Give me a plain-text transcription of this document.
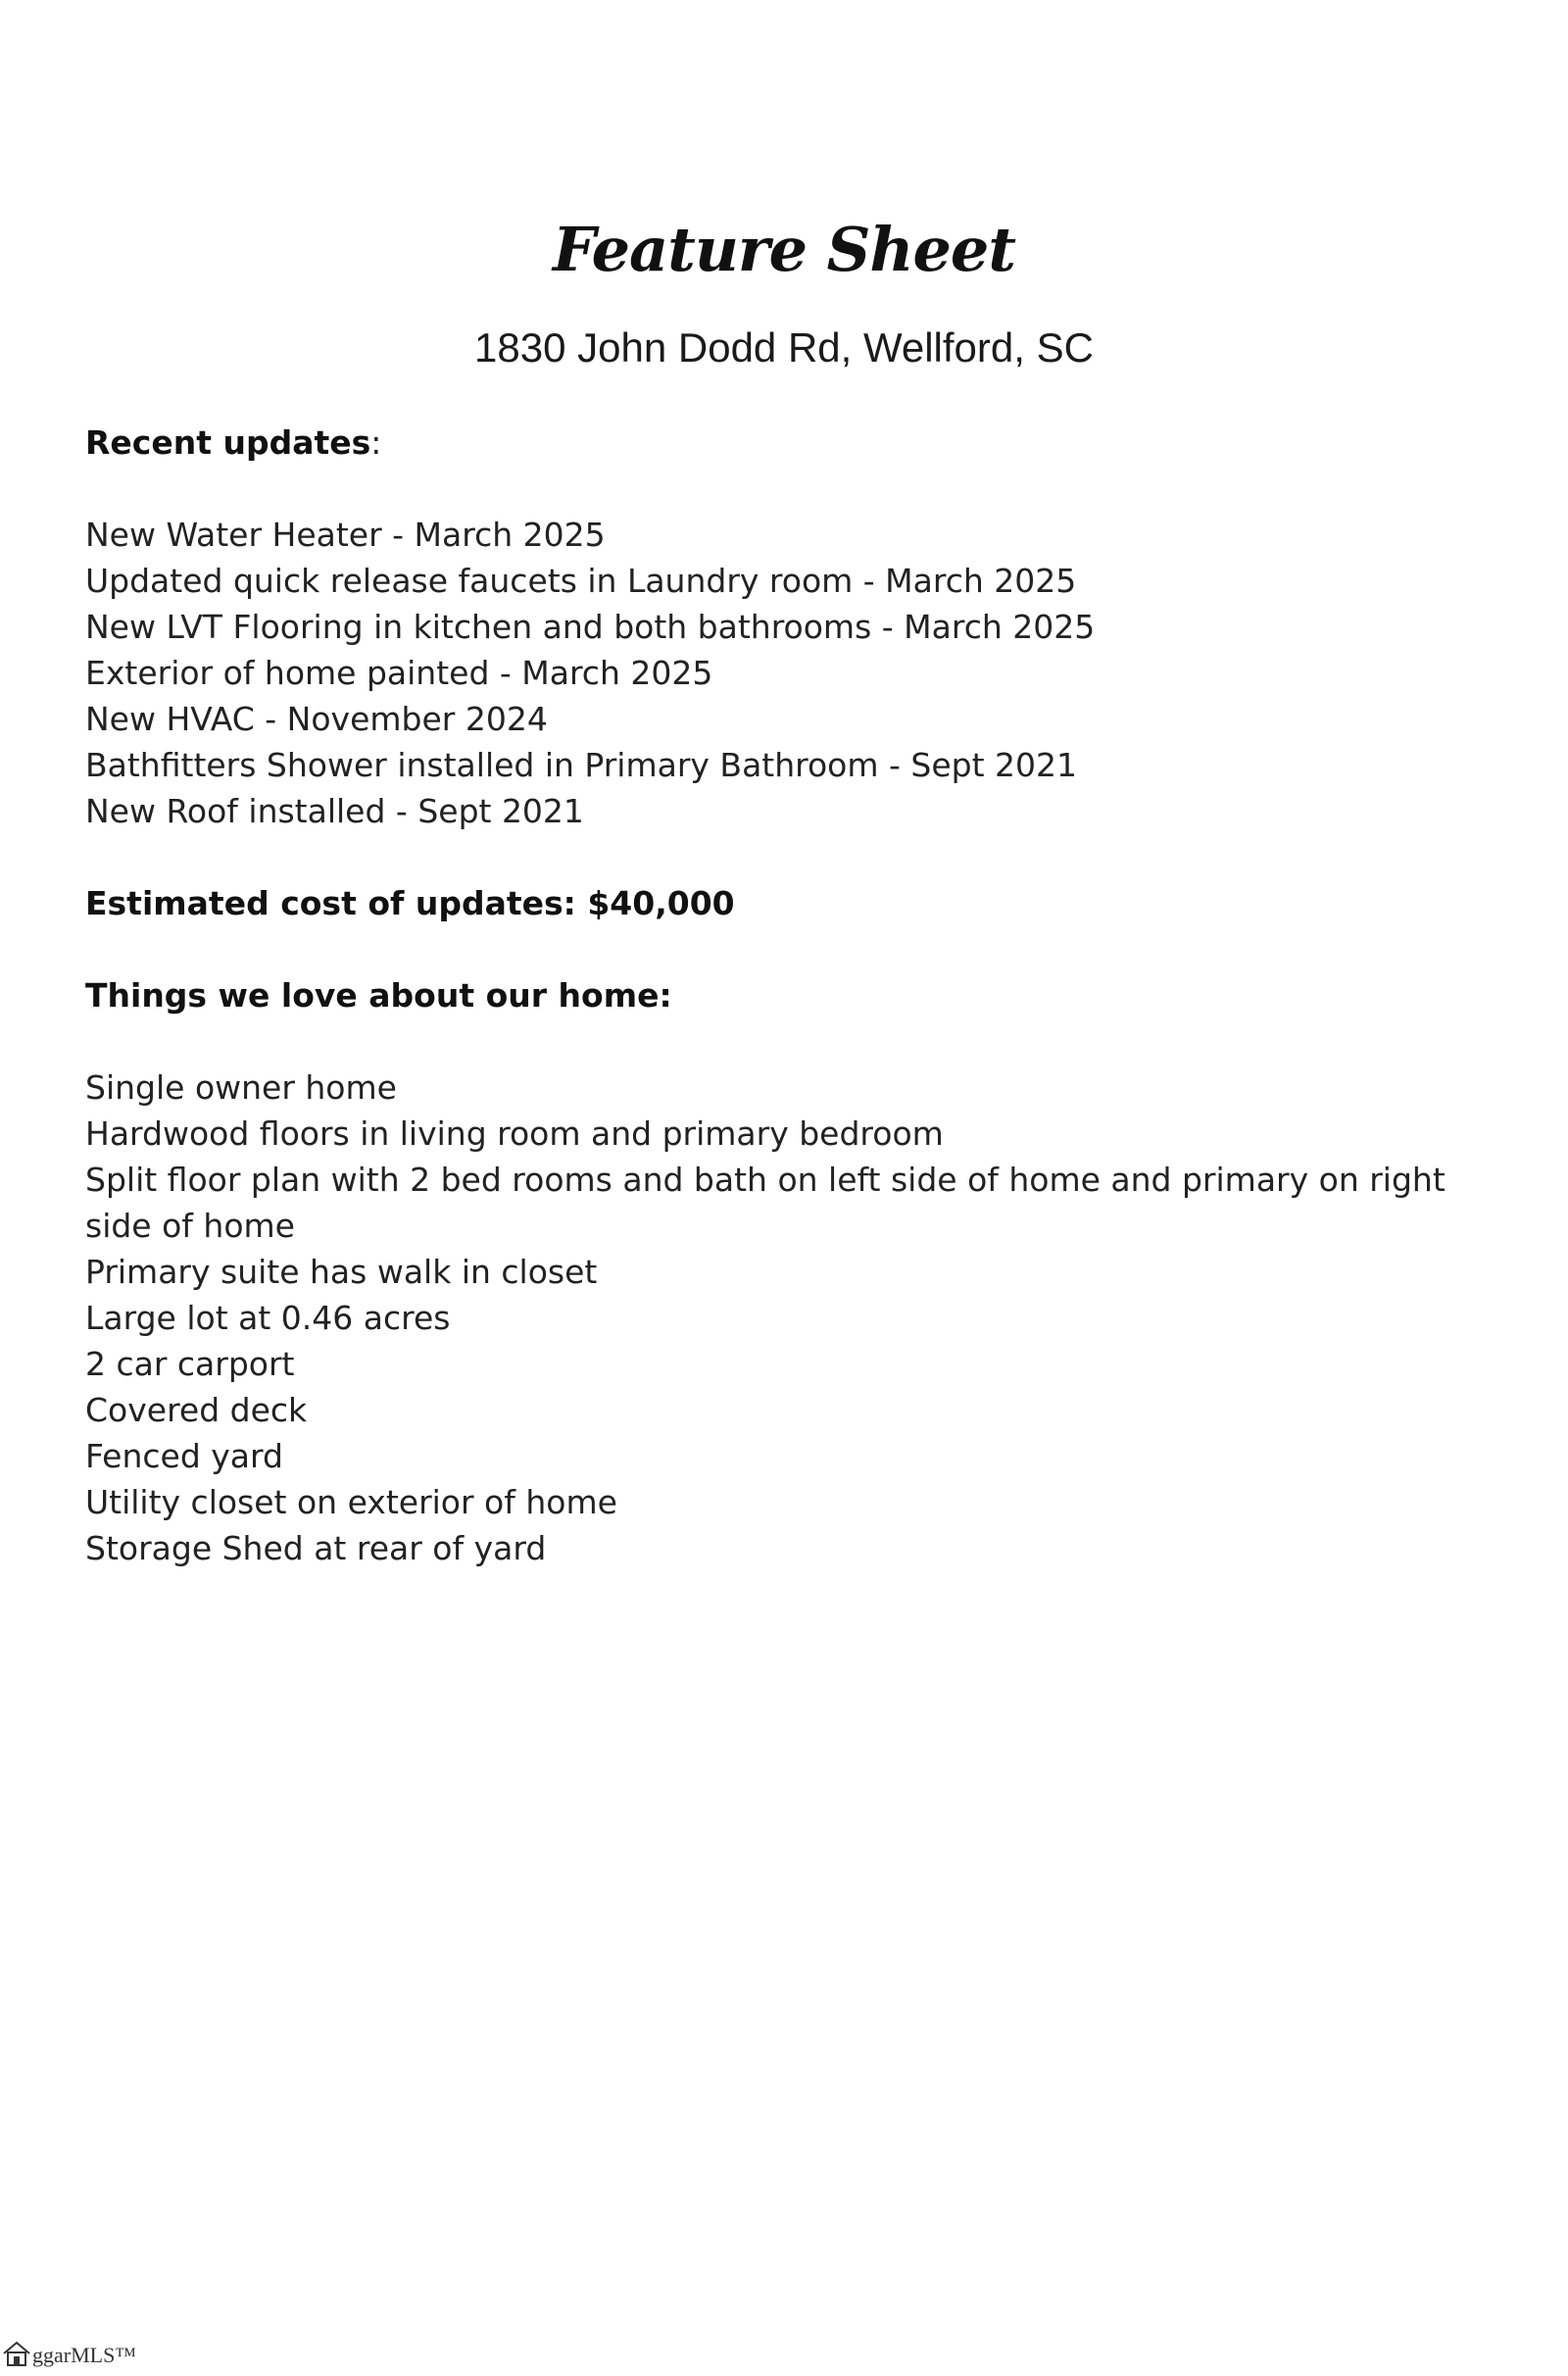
Feature Sheet
1830 John Dodd Rd, Wellford, SC
Recent updates:
New Water Heater - March 2025
Updated quick release faucets in Laundry room - March 2025
New LVT Flooring in kitchen and both bathrooms - March 2025
Exterior of home painted - March 2025
New HVAC - November 2024
Bathfitters Shower installed in Primary Bathroom - Sept 2021
New Roof installed - Sept 2021
Estimated cost of updates: $40,000
Things we love about our home:
Single owner home
Hardwood floors in living room and primary bedroom
Split floor plan with 2 bed rooms and bath on left side of home and primary on right side of home
Primary suite has walk in closet
Large lot at 0.46 acres
2 car carport
Covered deck
Fenced yard
Utility closet on exterior of home
Storage Shed at rear of yard
ggarMLS™
